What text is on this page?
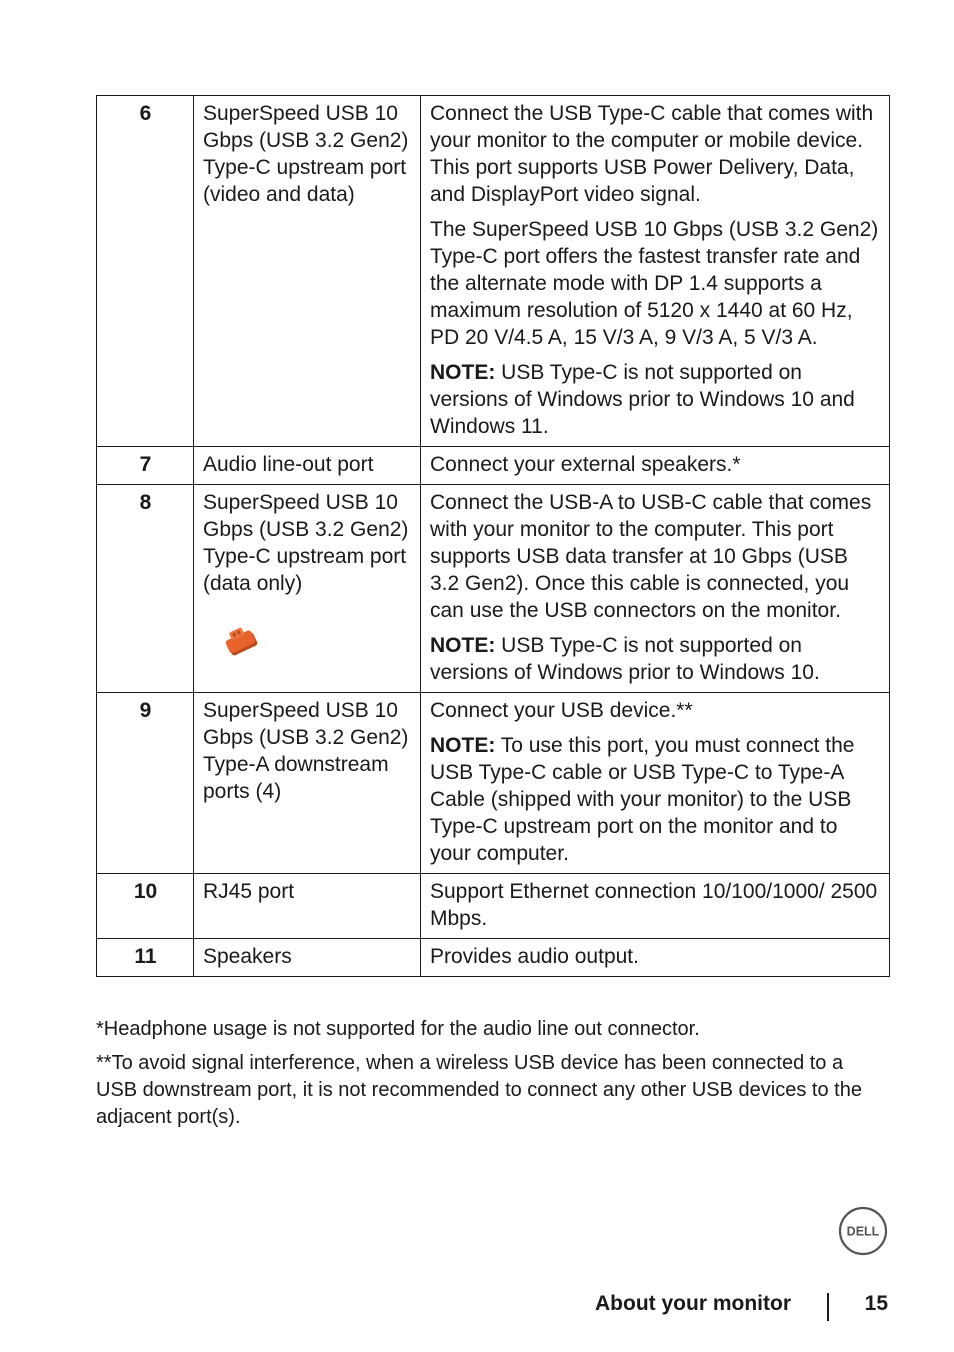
6	SuperSpeed USB 10 Gbps (USB 3.2 Gen2) Type-C upstream port (video and data)	Connect the USB Type-C cable that comes with your monitor to the computer or mobile device. This port supports USB Power Delivery, Data, and DisplayPort video signal.

The SuperSpeed USB 10 Gbps (USB 3.2 Gen2) Type-C port offers the fastest transfer rate and the alternate mode with DP 1.4 supports a maximum resolution of 5120 x 1440 at 60 Hz, PD 20 V/4.5 A, 15 V/3 A, 9 V/3 A, 5 V/3 A.

NOTE: USB Type-C is not supported on versions of Windows prior to Windows 10 and Windows 11.

7	Audio line-out port	Connect your external speakers.*

8	SuperSpeed USB 10 Gbps (USB 3.2 Gen2) Type-C upstream port (data only)	Connect the USB-A to USB-C cable that comes with your monitor to the computer. This port supports USB data transfer at 10 Gbps (USB 3.2 Gen2). Once this cable is connected, you can use the USB connectors on the monitor.

NOTE: USB Type-C is not supported on versions of Windows prior to Windows 10.

9	SuperSpeed USB 10 Gbps (USB 3.2 Gen2) Type-A downstream ports (4)	Connect your USB device.**

NOTE: To use this port, you must connect the USB Type-C cable or USB Type-C to Type-A Cable (shipped with your monitor) to the USB Type-C upstream port on the monitor and to your computer.

10	RJ45 port	Support Ethernet connection 10/100/1000/ 2500 Mbps.

11	Speakers	Provides audio output.

*Headphone usage is not supported for the audio line out connector.

**To avoid signal interference, when a wireless USB device has been connected to a USB downstream port, it is not recommended to connect any other USB devices to the adjacent port(s).

DELL
About your monitor	15
